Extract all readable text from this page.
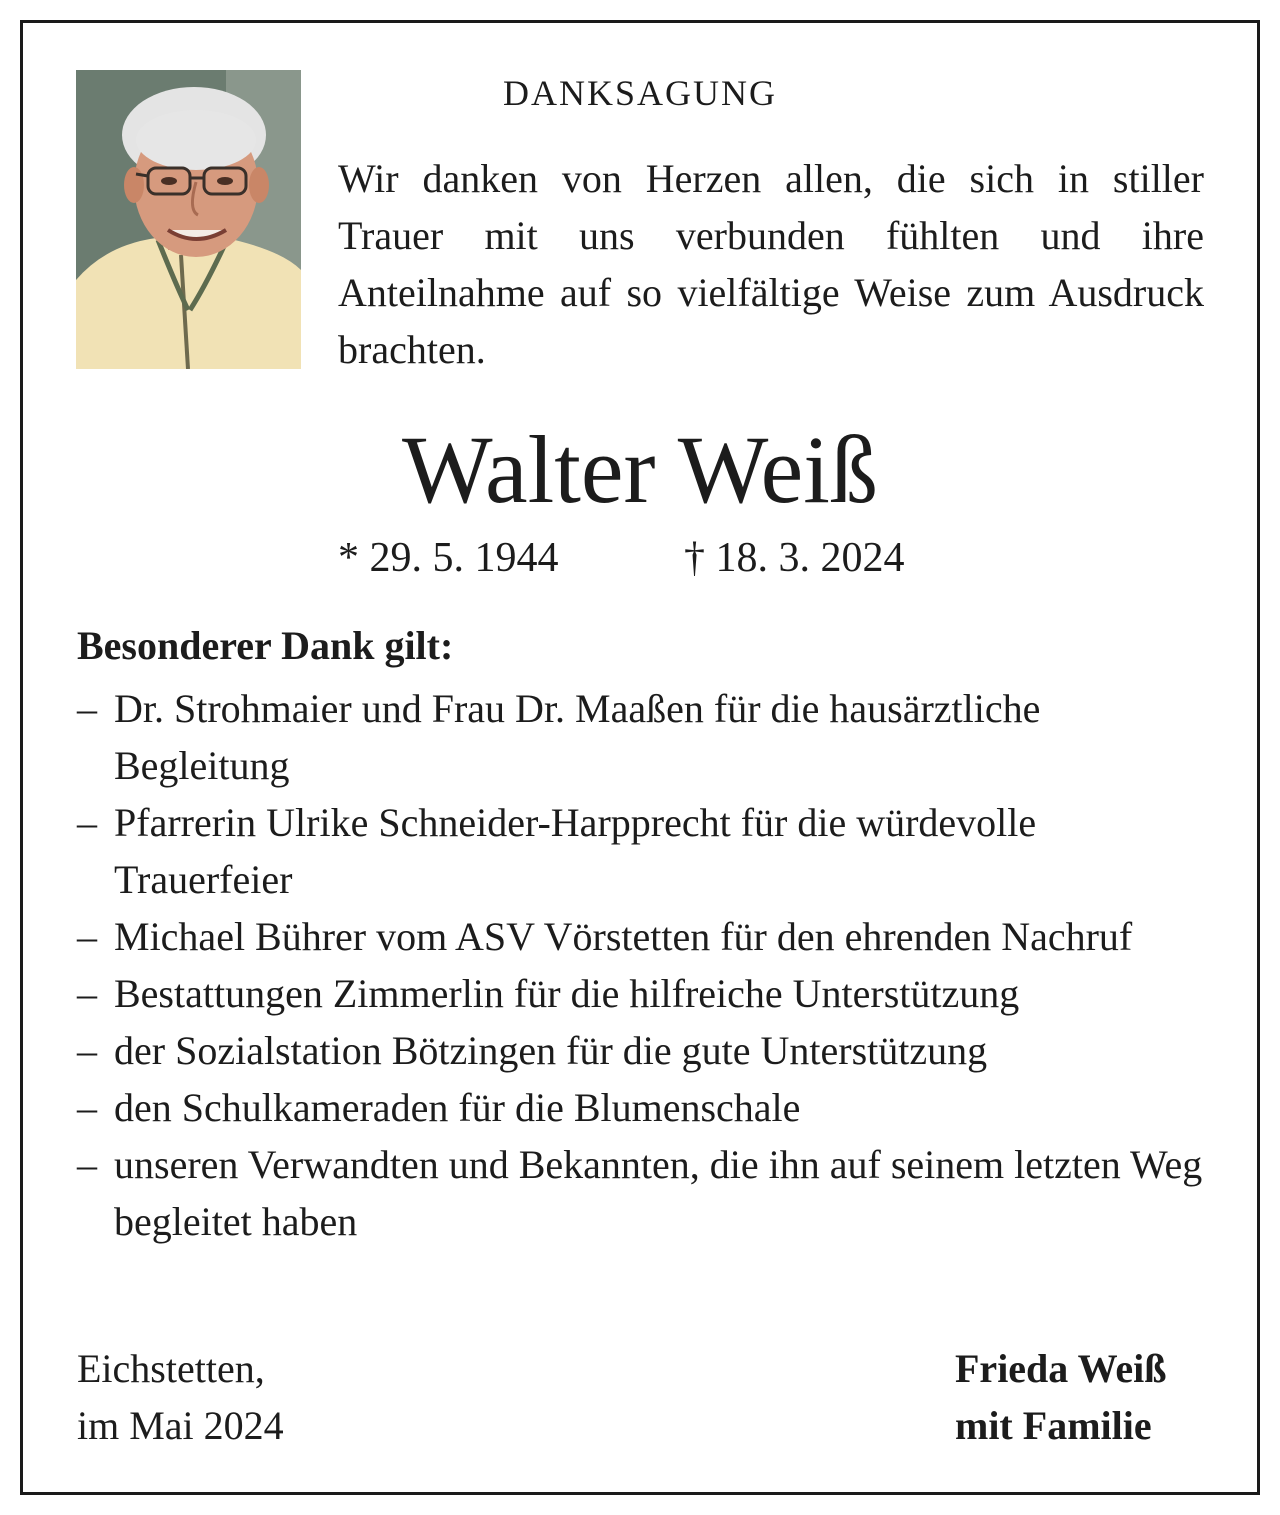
DANKSAGUNG

Wir danken von Herzen allen, die sich in stiller Trauer mit uns verbunden fühlten und ihre Anteilnahme auf so vielfältige Weise zum Ausdruck brachten.

Walter Weiß
* 29. 5. 1944	† 18. 3. 2024
Besonderer Dank gilt:
– Dr. Strohmaier und Frau Dr. Maaßen für die hausärztliche Begleitung
– Pfarrerin Ulrike Schneider-Harpprecht für die würdevolle Trauerfeier
– Michael Bührer vom ASV Vörstetten für den ehrenden Nachruf
– Bestattungen Zimmerlin für die hilfreiche Unterstützung
– der Sozialstation Bötzingen für die gute Unterstützung
– den Schulkameraden für die Blumenschale
– unseren Verwandten und Bekannten, die ihn auf seinem letzten Weg begleitet haben
Eichstetten,
im Mai 2024
Frieda Weiß
mit Familie
